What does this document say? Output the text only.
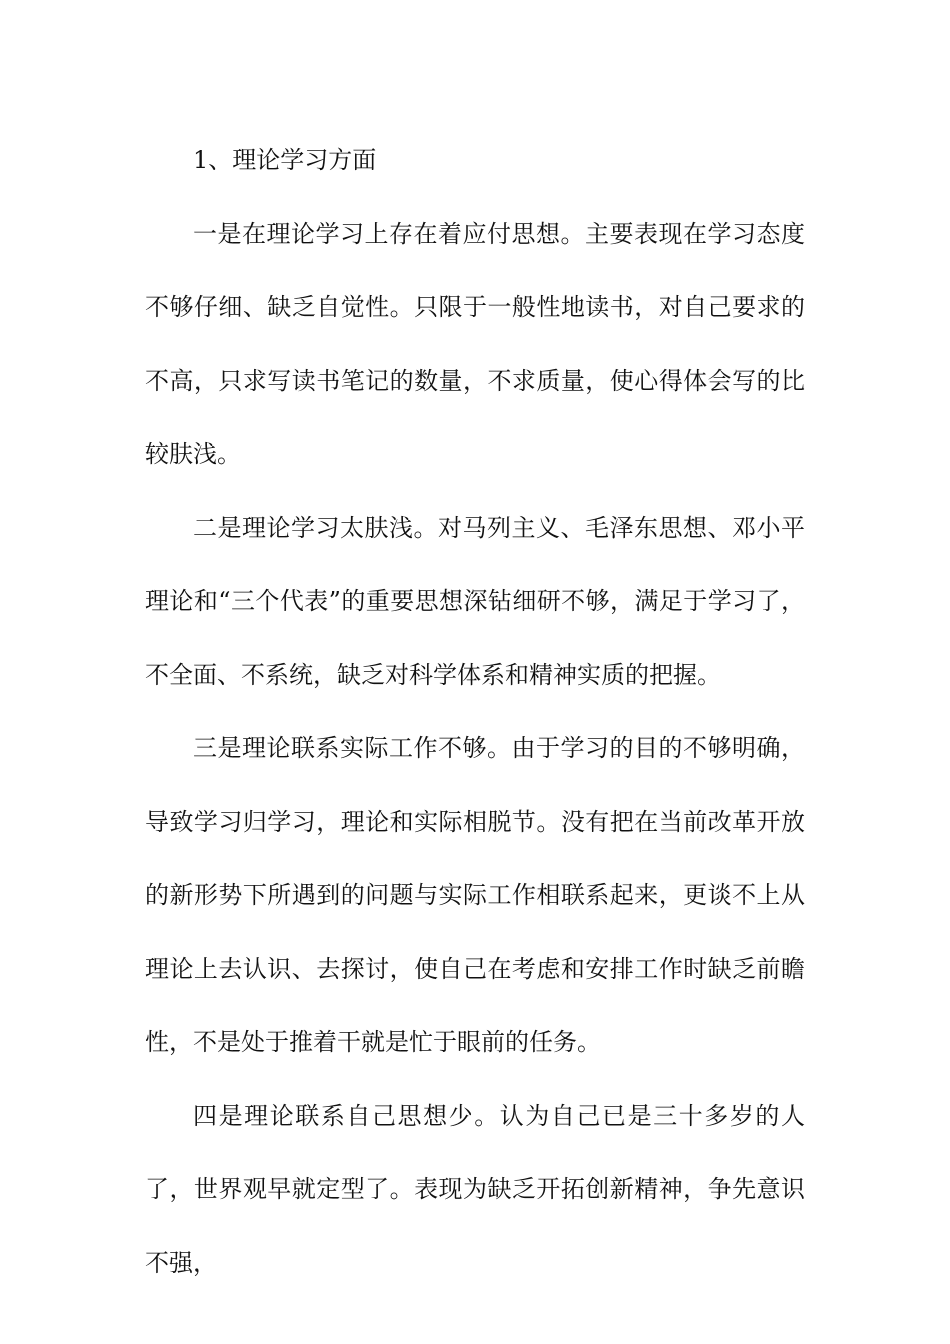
1、理论学习方面

一是在理论学习上存在着应付思想。主要表现在学习态度不够仔细、缺乏自觉性。只限于一般性地读书，对自己要求的不高，只求写读书笔记的数量，不求质量，使心得体会写的比较肤浅。

二是理论学习太肤浅。对马列主义、毛泽东思想、邓小平理论和“三个代表”的重要思想深钻细研不够，满足于学习了，不全面、不系统，缺乏对科学体系和精神实质的把握。

三是理论联系实际工作不够。由于学习的目的不够明确，导致学习归学习，理论和实际相脱节。没有把在当前改革开放的新形势下所遇到的问题与实际工作相联系起来，更谈不上从理论上去认识、去探讨，使自己在考虑和安排工作时缺乏前瞻性，不是处于推着干就是忙于眼前的任务。

四是理论联系自己思想少。认为自己已是三十多岁的人了，世界观早就定型了。表现为缺乏开拓创新精神，争先意识不强，
